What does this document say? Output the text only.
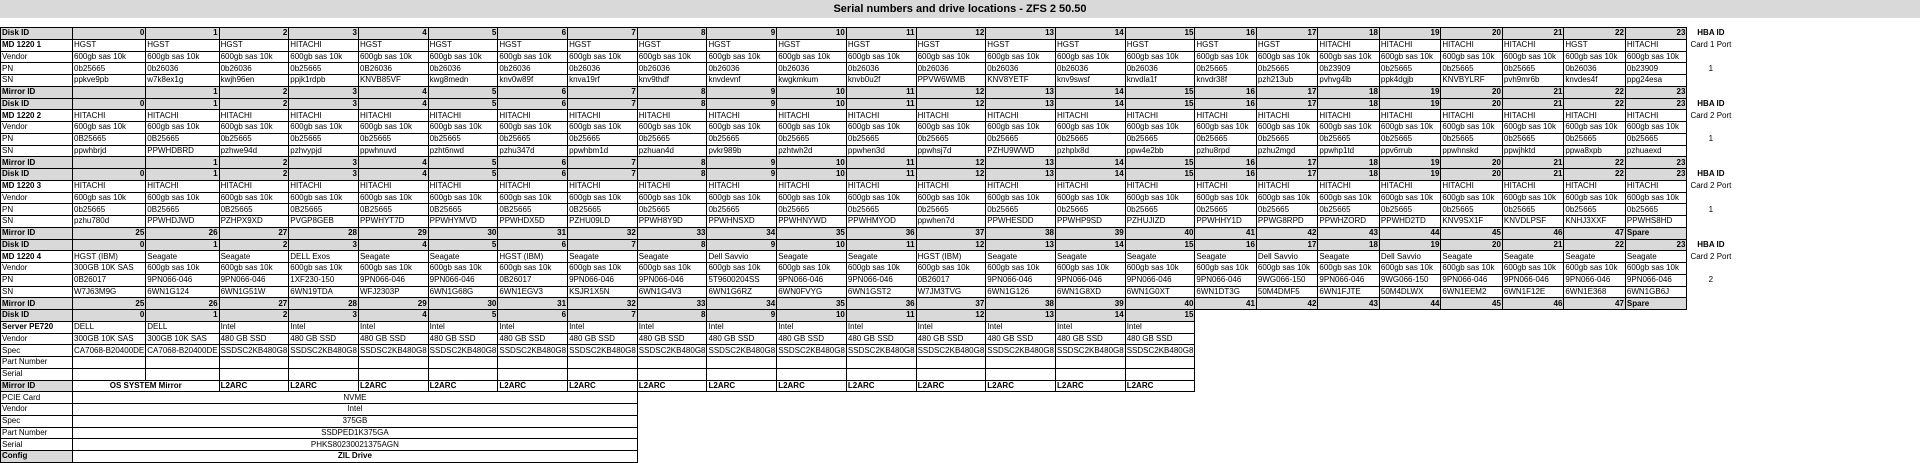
Serial numbers and drive locations - ZFS 2 50.50
Disk ID	0	1	2	3	4	5	6	7	8	9	10	11	12	13	14	15	16	17	18	19	20	21	22	23	HBA ID
MD 1220 1	HGST	HGST	HGST	HITACHI	HGST	HGST	HGST	HGST	HGST	HGST	HGST	HGST	HGST	HGST	HGST	HGST	HGST	HGST	HITACHI	HITACHI	HITACHI	HITACHI	HGST	HITACHI	Card 1 Port
Vendor	600gb sas 10k	600gb sas 10k	600gb sas 10k	600gb sas 10k	600gb sas 10k	600gb sas 10k	600gb sas 10k	600gb sas 10k	600gb sas 10k	600gb sas 10k	600gb sas 10k	600gb sas 10k	600gb sas 10k	600gb sas 10k	600gb sas 10k	600gb sas 10k	600gb sas 10k	600gb sas 10k	600gb sas 10k	600gb sas 10k	600gb sas 10k	600gb sas 10k	600gb sas 10k	600gb sas 10k	
PN	0b25665	0b26036	0b26036	0b25665	0B26036	0b26036	0b26036	0b26036	0b26036	0b26036	0b26036	0b26036	0b26036	0b26036	0b26036	0b26036	0b25665	0b25665	0b23909	0b25665	0b25665	0b25665	0b26036	0b23909	1
SN	ppkve9pb	w7k8ex1g	kwjh96en	ppjk1rdpb	KNVB85VF	kwg8medn	knv0w89f	knva19rf	knv9thdf	knvdevnf	kwgkmkum	knvb0u2f	PPVW6WMB	KNV8YETF	knv9swsf	knvdla1f	knvdr38f	pzh213ub	pvhvg4lb	ppk4dgjb	KNVBYLRF	pvh9mr6b	knvdes4f	ppg24esa	
Mirror ID		1	2	3	4	5	6	7	8	9	10	11	12	13	14	15	16	17	18	19	20	21	22	23	
Disk ID	0	1	2	3	4	5	6	7	8	9	10	11	12	13	14	15	16	17	18	19	20	21	22	23	HBA ID
MD 1220 2	HITACHI	HITACHI	HITACHI	HITACHI	HITACHI	HITACHI	HITACHI	HITACHI	HITACHI	HITACHI	HITACHI	HITACHI	HITACHI	HITACHI	HITACHI	HITACHI	HITACHI	HITACHI	HITACHI	HITACHI	HITACHI	HITACHI	HITACHI	HITACHI	Card 2 Port
Vendor	600gb sas 10k	600gb sas 10k	600gb sas 10k	600gb sas 10k	600gb sas 10k	600gb sas 10k	600gb sas 10k	600gb sas 10k	600gb sas 10k	600gb sas 10k	600gb sas 10k	600gb sas 10k	600gb sas 10k	600gb sas 10k	600gb sas 10k	600gb sas 10k	600gb sas 10k	600gb sas 10k	600gb sas 10k	600gb sas 10k	600gb sas 10k	600gb sas 10k	600gb sas 10k	600gb sas 10k	
PN	0B25665	0B25665	0b25665	0b25665	0b25665	0b25665	0b25665	0b25665	0b25665	0b25665	0b25665	0b25665	0b25665	0b25665	0b25665	0b25665	0b25665	0b25665	0b25665	0b25665	0b25665	0b25665	0b25665	0b25665	1
SN	ppwhbrjd	PPWHDBRD	pzhwe94d	pzhvypjd	ppwhnuvd	pzht6nwd	pzhu347d	ppwhbm1d	pzhuan4d	pvkr989b	pzhtwh2d	ppwhen3d	ppwhsj7d	PZHU9WWD	pzhplx8d	ppw4e2bb	pzhu8rpd	pzhu2mgd	ppwhp1td	ppv6rrub	ppwhnskd	ppwjhktd	ppwa8xpb	pzhuaexd	
Mirror ID		1	2	3	4	5	6	7	8	9	10	11	12	13	14	15	16	17	18	19	20	21	22	23	
Disk ID	0	1	2	3	4	5	6	7	8	9	10	11	12	13	14	15	16	17	18	19	20	21	22	23	HBA ID
MD 1220 3	HITACHI	HITACHI	HITACHI	HITACHI	HITACHI	HITACHI	HITACHI	HITACHI	HITACHI	HITACHI	HITACHI	HITACHI	HITACHI	HITACHI	HITACHI	HITACHI	HITACHI	HITACHI	HITACHI	HITACHI	HITACHI	HITACHI	HITACHI	HITACHI	Card 2 Port
Vendor	600gb sas 10k	600gb sas 10k	600gb sas 10k	600gb sas 10k	600gb sas 10k	600gb sas 10k	600gb sas 10k	600gb sas 10k	600gb sas 10k	600gb sas 10k	600gb sas 10k	600gb sas 10k	600gb sas 10k	600gb sas 10k	600gb sas 10k	600gb sas 10k	600gb sas 10k	600gb sas 10k	600gb sas 10k	600gb sas 10k	600gb sas 10k	600gb sas 10k	600gb sas 10k	600gb sas 10k	
PN	0b25665	0B25665	0B25665	0B25665	0B25665	0B25665	0B25665	0B25665	0b25665	0b25665	0b25665	0b25665	0b25665	0b25665	0b25665	0b25665	0b25665	0b25665	0b25665	0b25665	0b25665	0b25665	0b25665	0b25665	1
SN	pzhu780d	PPWHDJWD	PZHPX9XD	PVGP8GEB	PPWHYT7D	PPWHYMVD	PPWHDX5D	PZHU09LD	PPWH8Y9D	PPWHNSXD	PPWHNYWD	PPWHMYOD	ppwhen7d	PPWHESDD	PPWHP9SD	PZHUJIZD	PPWHHY1D	PPWG8RPD	PPWHZORD	PPWHD2TD	KNV9SX1F	KNVDLPSF	KNHJ3XXF	PPWHS8HD	
Mirror ID	25	26	27	28	29	30	31	32	33	34	35	36	37	38	39	40	41	42	43	44	45	46	47	Spare	
Disk ID	0	1	2	3	4	5	6	7	8	9	10	11	12	13	14	15	16	17	18	19	20	21	22	23	HBA ID
MD 1220 4	HGST (IBM)	Seagate	Seagate	DELL Exos	Seagate	Seagate	HGST (IBM)	Seagate	Seagate	Dell Savvio	Seagate	Seagate	HGST (IBM)	Seagate	Seagate	Seagate	Seagate	Dell Savvio	Seagate	Dell Savvio	Seagate	Seagate	Seagate	Seagate	Card 2 Port
Vendor	300GB 10K SAS	600gb sas 10k	600gb sas 10k	600gb sas 10k	600gb sas 10k	600gb sas 10k	600gb sas 10k	600gb sas 10k	600gb sas 10k	600gb sas 10k	600gb sas 10k	600gb sas 10k	600gb sas 10k	600gb sas 10k	600gb sas 10k	600gb sas 10k	600gb sas 10k	600gb sas 10k	600gb sas 10k	600gb sas 10k	600gb sas 10k	600gb sas 10k	600gb sas 10k	600gb sas 10k	
PN	0B26017	9PN066-046	9PN066-046	1XF230-150	9PN066-046	9PN066-046	0B26017	9PN066-046	9PN066-046	5T9600204SS	9PN066-046	9PN066-046	0B26017	9PN066-046	9PN066-046	9PN066-046	9PN066-046	9WG066-150	9PN066-046	9WG066-150	9PN066-046	9PN066-046	9PN066-046	9PN066-046	2
SN	W7J63M9G	6WN1G124	6WN1G51W	6WN19TDA	WFJ2303P	6WN1G68G	6WN1EGV3	KSJR1X5N	6WN1G4V3	6WN1G6RZ	6WN0FVYG	6WN1GST2	W7JM3TVG	6WN1G126	6WN1G8XD	6WN1G0XT	6WN1DT3G	50M4DMF5	6WN1FJTE	50M4DLWX	6WN1EEM2	6WN1F12E	6WN1E368	6WN1GB6J	
Mirror ID	25	26	27	28	29	30	31	32	33	34	35	36	37	38	39	40	41	42	43	44	45	46	47	Spare	
Disk ID	0	1	2	3	4	5	6	7	8	9	10	11	12	13	14	15									
Server PE720	DELL	DELL	Intel	Intel	Intel	Intel	Intel	Intel	Intel	Intel	Intel	Intel	Intel	Intel	Intel	Intel									
Vendor	300GB 10K SAS	300GB 10K SAS	480 GB SSD	480 GB SSD	480 GB SSD	480 GB SSD	480 GB SSD	480 GB SSD	480 GB SSD	480 GB SSD	480 GB SSD	480 GB SSD	480 GB SSD	480 GB SSD	480 GB SSD	480 GB SSD									
Spec	CA7068-B20400DE	CA7068-B20400DE	SSDSC2KB480G8	SSDSC2KB480G8	SSDSC2KB480G8	SSDSC2KB480G8	SSDSC2KB480G8	SSDSC2KB480G8	SSDSC2KB480G8	SSDSC2KB480G8	SSDSC2KB480G8	SSDSC2KB480G8	SSDSC2KB480G8	SSDSC2KB480G8	SSDSC2KB480G8	SSDSC2KB480G8									
Part Number																									
Serial																									
Mirror ID	OS SYSTEM Mirror		L2ARC	L2ARC	L2ARC	L2ARC	L2ARC	L2ARC	L2ARC	L2ARC	L2ARC	L2ARC	L2ARC	L2ARC	L2ARC	L2ARC									
PCIE Card	NVME																								
Vendor	Intel																								
Spec	375GB																								
Part Number	SSDPED1K375GA																								
Serial	PHKS80230021375AGN																								
Config	ZIL Drive																								
